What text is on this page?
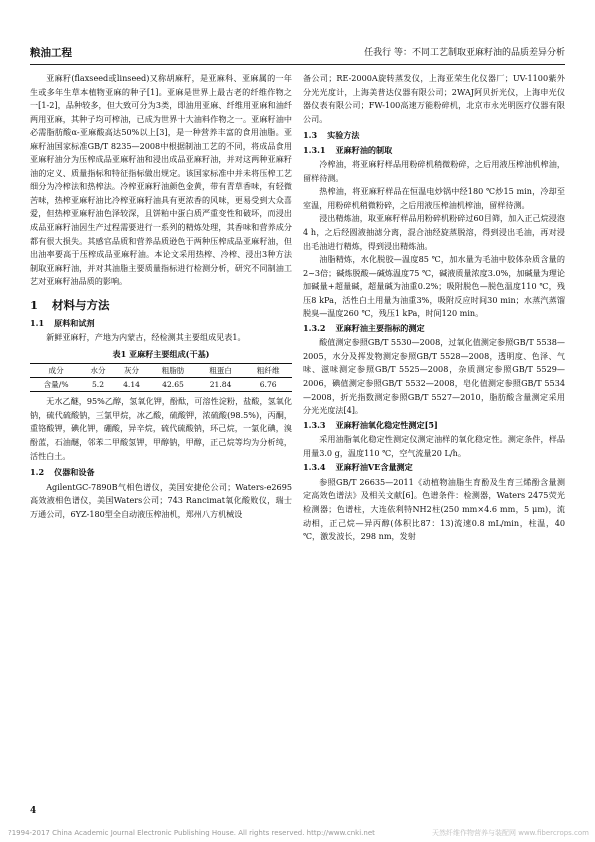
粮油工程	任我行 等：不同工艺制取亚麻籽油的品质差异分析

亚麻籽(flaxseed或linseed)又称胡麻籽，是亚麻科、亚麻属的一年生或多年生草本植物亚麻的种子[1]。亚麻是世界上最古老的纤维作物之一[1-2]，品种较多，但大致可分为3类，即油用亚麻、纤维用亚麻和油纤两用亚麻，其种子均可榨油，已成为世界十大油料作物之一。亚麻籽油中必需脂肪酸α-亚麻酸高达50%以上[3]，是一种营养丰富的食用油脂。亚麻籽油国家标准GB/T 8235—2008中根据制油工艺的不同，将成品食用亚麻籽油分为压榨成品亚麻籽油和浸出成品亚麻籽油，并对这两种亚麻籽油的定义、质量指标和特征指标做出规定。该国家标准中并未将压榨工艺细分为冷榨法和热榨法。冷榨亚麻籽油颜色金黄，带有青草香味，有轻微苦味，热榨亚麻籽油比冷榨亚麻籽油具有更浓香的风味，更易受到大众喜爱，但热榨亚麻籽油色泽较深，且饼粕中蛋白质严重变性和破坏，而浸出成品亚麻籽油因生产过程需要进行一系列的精炼处理，其香味和营养成分都有很大损失。其感官品质和营养品质逊色于两种压榨成品亚麻籽油，但出油率要高于压榨成品亚麻籽油。本论文采用热榨、冷榨、浸出3种方法制取亚麻籽油，并对其油脂主要质量指标进行检测分析，研究不同制油工艺对亚麻籽油品质的影响。

1 材料与方法
1.1 原料和试剂

新鲜亚麻籽，产地为内蒙古，经检测其主要组成见表1。

表1 亚麻籽主要组成(干基)
成分	水分	灰分	粗脂肪	粗蛋白	粗纤维
含量/%	5.2	4.14	42.65	21.84	6.76

无水乙醚，95%乙醇，氢氧化钾，酚酞，可溶性淀粉，盐酸，氢氧化钠，硫代硫酸钠，三氯甲烷，冰乙酸，硫酸钾，浓硫酸(98.5%)，丙酮，重铬酸钾，碘化钾，硼酸，异辛烷，硫代硫酸钠，环己烷，一氯化碘，溴酚蓝，石油醚，邻苯二甲酸氢钾，甲醇钠，甲醇，正己烷等均为分析纯，活性白土。

1.2 仪器和设备

AgilentGC-7890B气相色谱仪，美国安捷伦公司；Waters-e2695高效液相色谱仪，美国Waters公司；743 Rancimat氧化酸败仪，瑞士万通公司，6YZ-180型全自动液压榨油机，郑州八方机械设

备公司；RE-2000A旋转蒸发仪，上海亚荣生化仪器厂；UV-1100紫外分光光度计，上海美普达仪器有限公司；2WAJ阿贝折光仪，上海申光仪器仪表有限公司；FW-100高速万能粉碎机，北京市永光明医疗仪器有限公司。

1.3 实验方法
1.3.1 亚麻籽油的制取

冷榨油，将亚麻籽样品用粉碎机稍微粉碎，之后用液压榨油机榨油，留样待测。

热榨油，将亚麻籽样品在恒温电炒锅中经180 ℃炒15 min，冷却至室温，用粉碎机稍微粉碎，之后用液压榨油机榨油，留样待测。

浸出精炼油，取亚麻籽样品用粉碎机粉碎过60目筛，加入正己烷浸泡4 h，之后经圆液抽滤分离，混合油经旋蒸脱溶，得到浸出毛油，再对浸出毛油进行精炼，得到浸出精炼油。

油脂精炼，水化脱胶—温度85 ℃，加水量为毛油中胶体杂质含量的2~3倍；碱炼脱酸—碱炼温度75 ℃，碱液质量浓度3.0%，加碱量为理论加碱量+超量碱，超量碱为油重0.2%；吸附脱色—脱色温度110 ℃，残压8 kPa，活性白土用量为油重3%，吸附反应时间30 min；水蒸汽蒸馏脱臭—温度260 ℃，残压1 kPa，时间120 min。

1.3.2 亚麻籽油主要指标的测定

酸值测定参照GB/T 5530—2008，过氧化值测定参照GB/T 5538—2005，水分及挥发物测定参照GB/T 5528—2008，透明度、色泽、气味、滋味测定参照GB/T 5525—2008，杂质测定参照GB/T 5529—2006，碘值测定参照GB/T 5532—2008，皂化值测定参照GB/T 5534—2008，折光指数测定参照GB/T 5527—2010，脂肪酸含量测定采用分光光度法[4]。

1.3.3 亚麻籽油氧化稳定性测定[5]

采用油脂氧化稳定性测定仪测定油样的氧化稳定性。测定条件，样品用量3.0 g，温度110 ℃，空气流量20 L/h。

1.3.4 亚麻籽油VE含量测定

参照GB/T 26635—2011《动植物油脂生育酚及生育三烯酚含量测定高效色谱法》及相关文献[6]。色谱条件：检测器，Waters 2475荧光检测器；色谱柱，大连依利特NH2柱(250 mm×4.6 mm，5 μm)，流动相，正己烷—异丙醇(体积比87：13)流速0.8 mL/min，柱温，40 ℃，激发波长，298 nm，发射

4
?1994-2017 China Academic Journal Electronic Publishing House. All rights reserved. http://www.cnki.net	天然纤维作物营养与装配网 www.fibercrops.com
